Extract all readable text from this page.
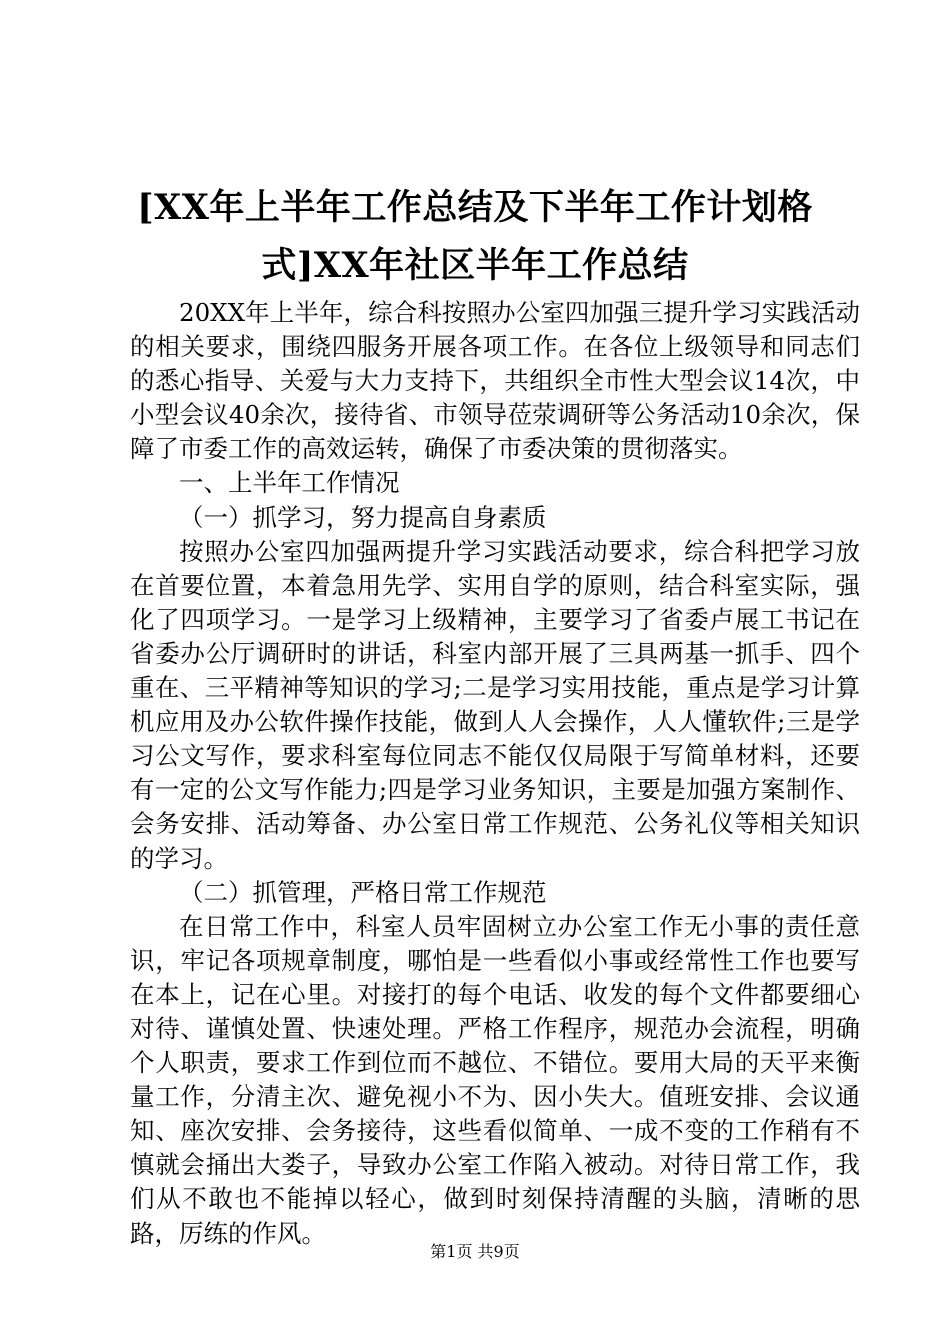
[XX年上半年工作总结及下半年工作计划格
式]XX年社区半年工作总结

20XX年上半年，综合科按照办公室四加强三提升学习实践活动的相关要求，围绕四服务开展各项工作。在各位上级领导和同志们的悉心指导、关爱与大力支持下，共组织全市性大型会议14次，中小型会议40余次，接待省、市领导莅荥调研等公务活动10余次，保障了市委工作的高效运转，确保了市委决策的贯彻落实。

一、上半年工作情况

（一）抓学习，努力提高自身素质

按照办公室四加强两提升学习实践活动要求，综合科把学习放在首要位置，本着急用先学、实用自学的原则，结合科室实际，强化了四项学习。一是学习上级精神，主要学习了省委卢展工书记在省委办公厅调研时的讲话，科室内部开展了三具两基一抓手、四个重在、三平精神等知识的学习;二是学习实用技能，重点是学习计算机应用及办公软件操作技能，做到人人会操作，人人懂软件;三是学习公文写作，要求科室每位同志不能仅仅局限于写简单材料，还要有一定的公文写作能力;四是学习业务知识，主要是加强方案制作、会务安排、活动筹备、办公室日常工作规范、公务礼仪等相关知识的学习。

（二）抓管理，严格日常工作规范

在日常工作中，科室人员牢固树立办公室工作无小事的责任意识，牢记各项规章制度，哪怕是一些看似小事或经常性工作也要写在本上，记在心里。对接打的每个电话、收发的每个文件都要细心对待、谨慎处置、快速处理。严格工作程序，规范办会流程，明确个人职责，要求工作到位而不越位、不错位。要用大局的天平来衡量工作，分清主次、避免视小不为、因小失大。值班安排、会议通知、座次安排、会务接待，这些看似简单、一成不变的工作稍有不慎就会捅出大娄子，导致办公室工作陷入被动。对待日常工作，我们从不敢也不能掉以轻心，做到时刻保持清醒的头脑，清晰的思路，厉练的作风。

第1页 共9页
